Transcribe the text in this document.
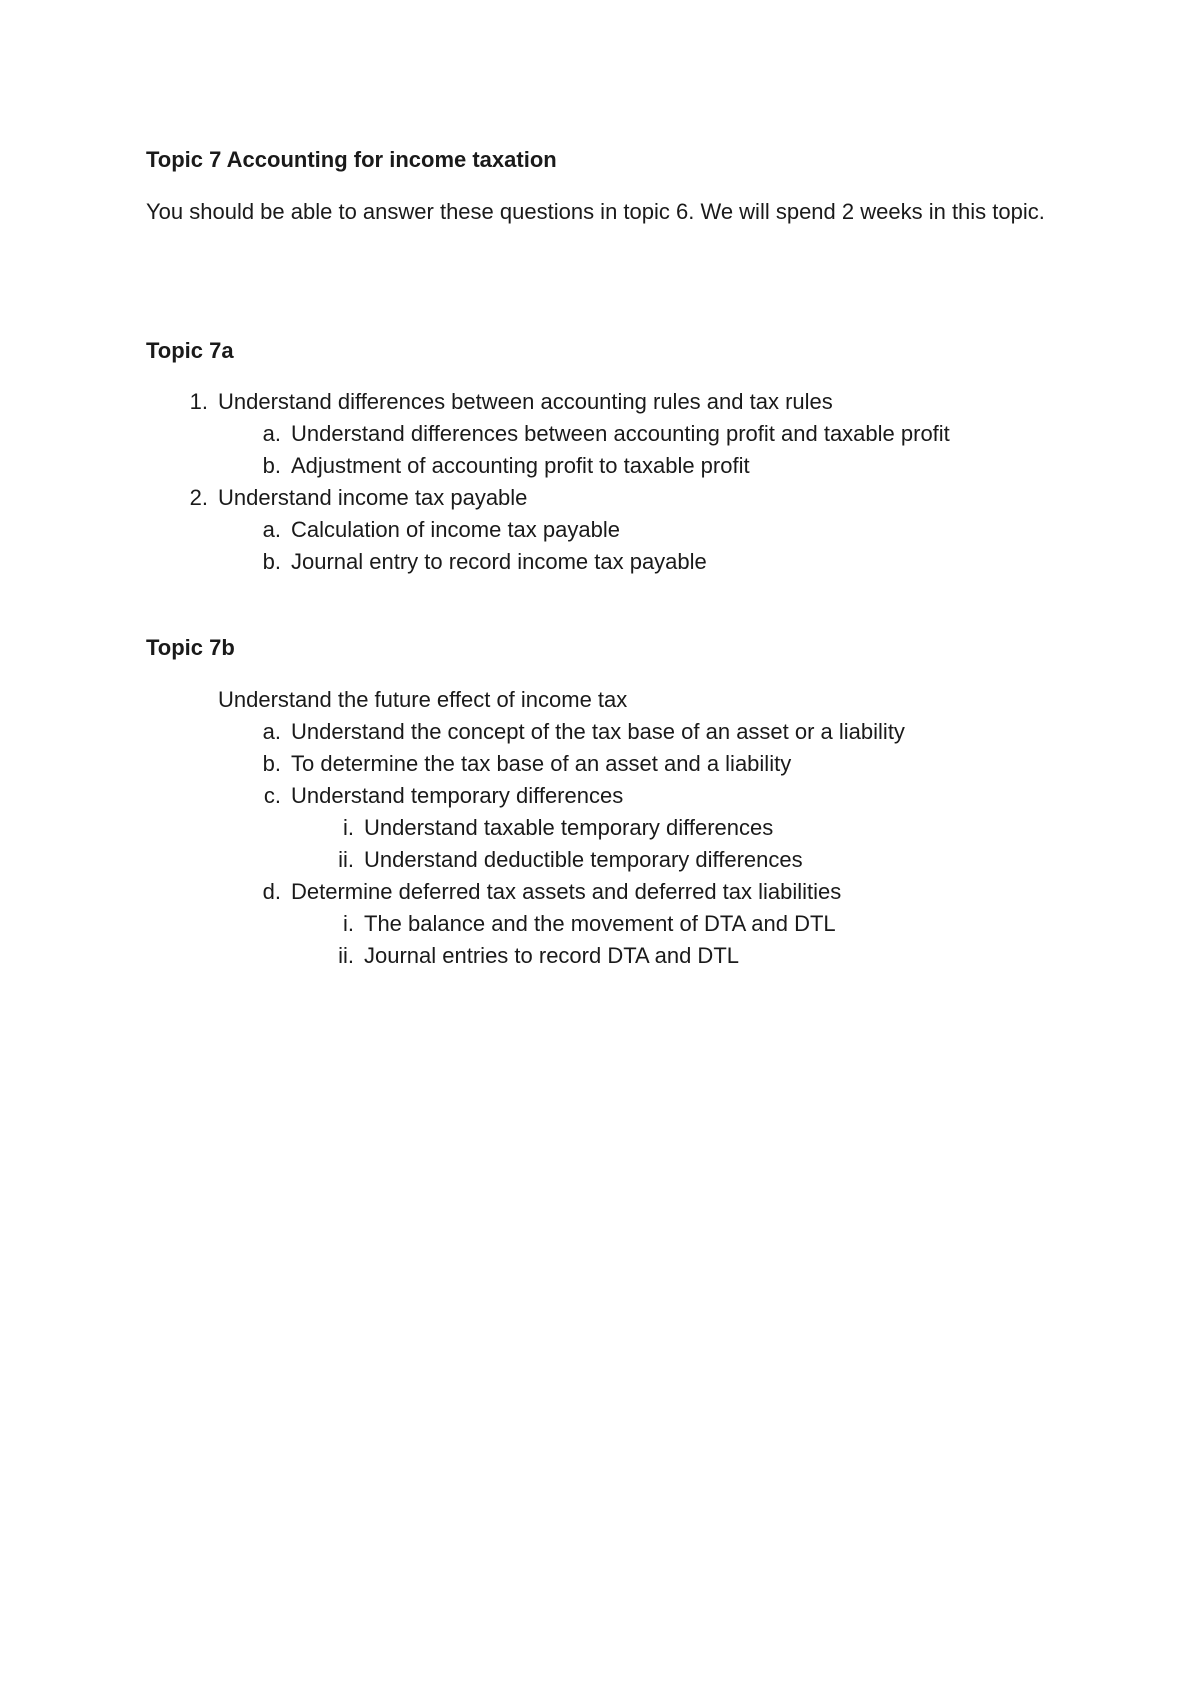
Topic 7 Accounting for income taxation
You should be able to answer these questions in topic 6. We will spend 2 weeks in this topic.
Topic 7a
1. Understand differences between accounting rules and tax rules
a. Understand differences between accounting profit and taxable profit
b. Adjustment of accounting profit to taxable profit
2. Understand income tax payable
a. Calculation of income tax payable
b. Journal entry to record income tax payable
Topic 7b
Understand the future effect of income tax
a. Understand the concept of the tax base of an asset or a liability
b. To determine the tax base of an asset and a liability
c. Understand temporary differences
i. Understand taxable temporary differences
ii. Understand deductible temporary differences
d. Determine deferred tax assets and deferred tax liabilities
i. The balance and the movement of DTA and DTL
ii. Journal entries to record DTA and DTL
